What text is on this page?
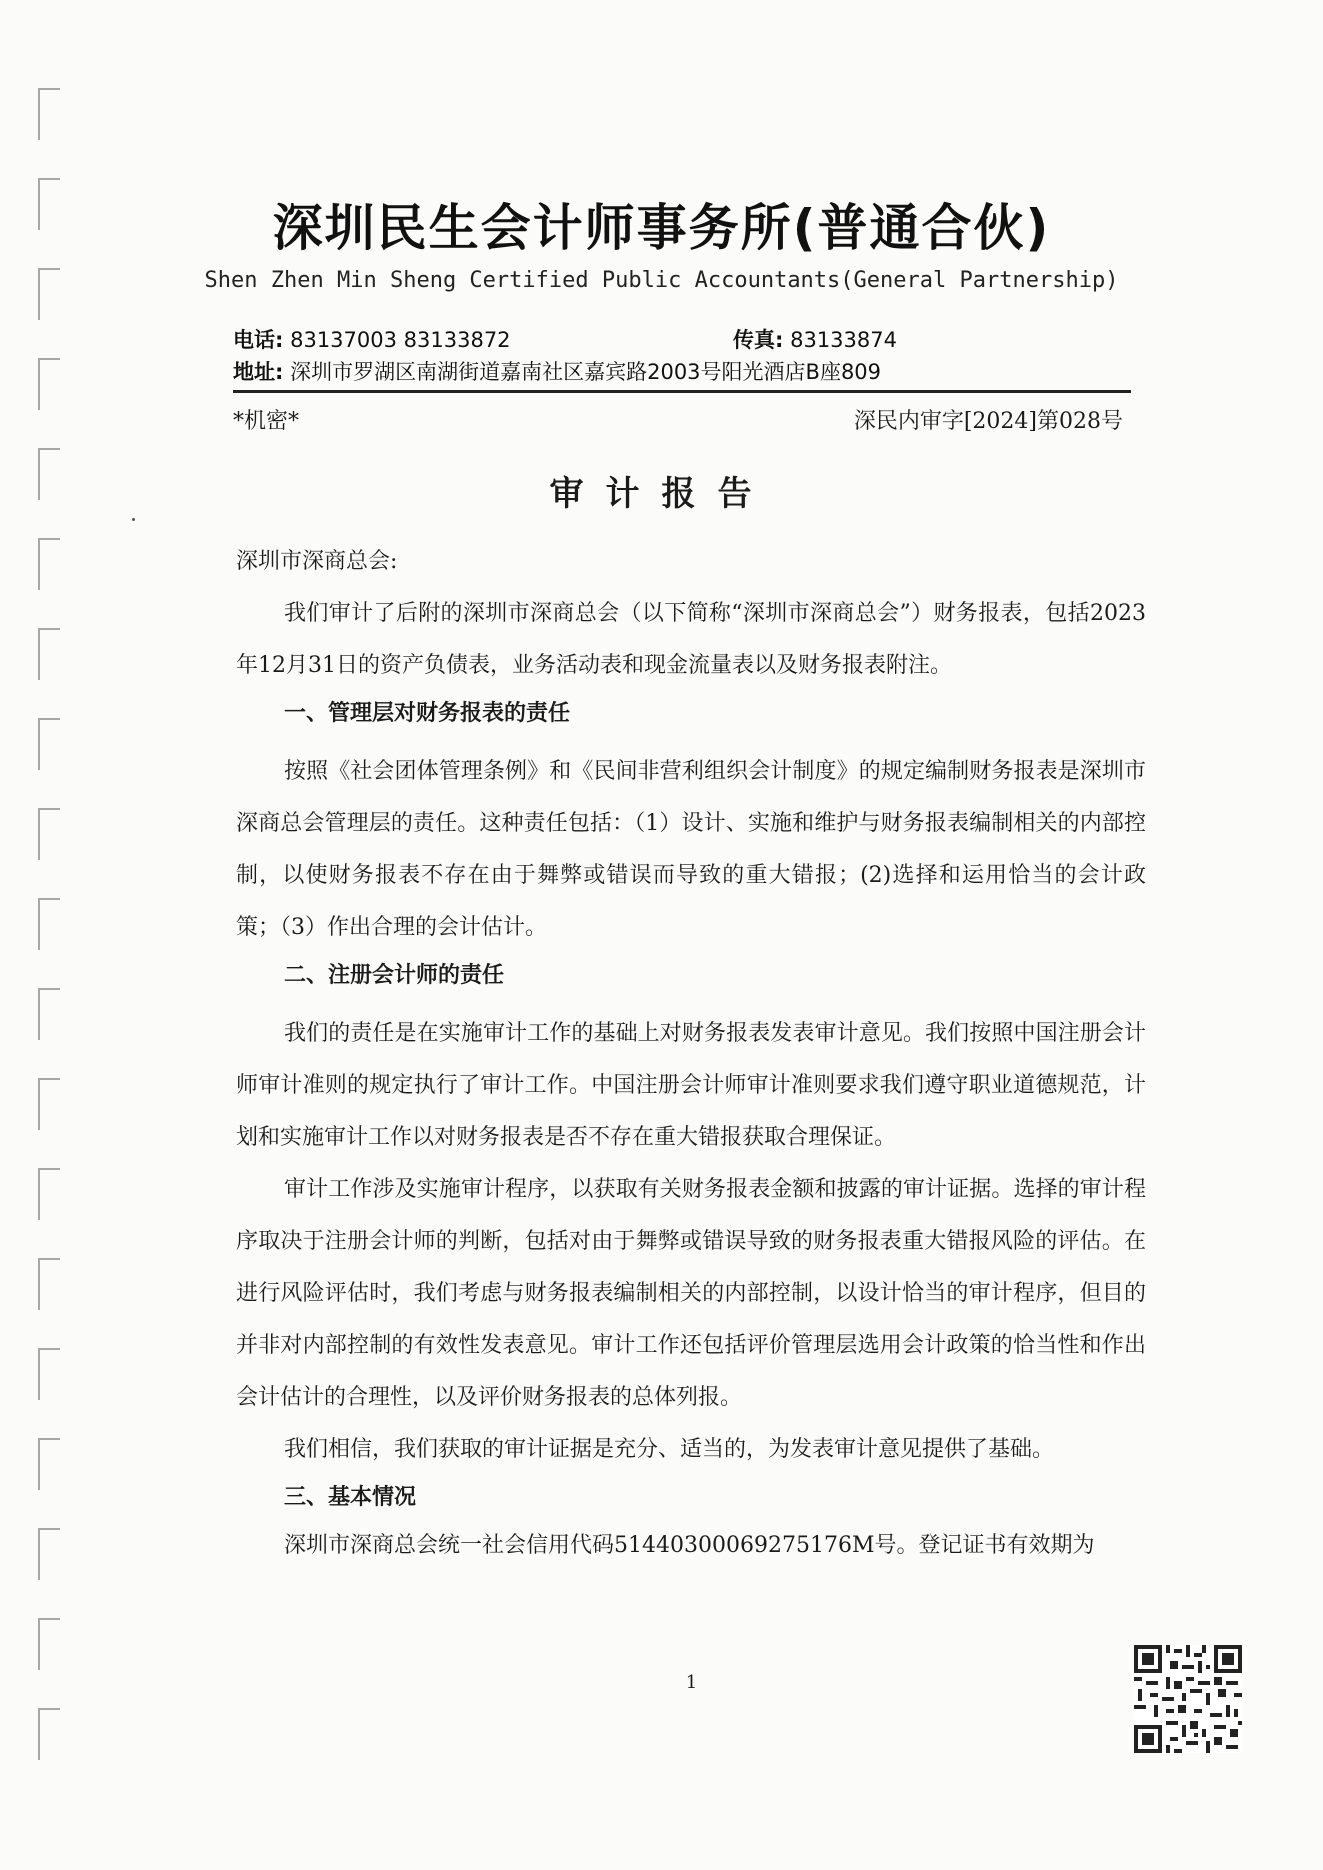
深圳民生会计师事务所(普通合伙)
Shen Zhen Min Sheng Certified Public Accountants(General Partnership)
电话: 83137003 83133872	传真: 83133874
地址: 深圳市罗湖区南湖街道嘉南社区嘉宾路2003号阳光酒店B座809
*机密*	深民内审字[2024]第028号
审计报告

深圳市深商总会:

我们审计了后附的深圳市深商总会（以下简称“深圳市深商总会”）财务报表，包括2023年12月31日的资产负债表，业务活动表和现金流量表以及财务报表附注。

一、管理层对财务报表的责任

按照《社会团体管理条例》和《民间非营利组织会计制度》的规定编制财务报表是深圳市深商总会管理层的责任。这种责任包括：（1）设计、实施和维护与财务报表编制相关的内部控制，以使财务报表不存在由于舞弊或错误而导致的重大错报；(2)选择和运用恰当的会计政策；（3）作出合理的会计估计。

二、注册会计师的责任

我们的责任是在实施审计工作的基础上对财务报表发表审计意见。我们按照中国注册会计师审计准则的规定执行了审计工作。中国注册会计师审计准则要求我们遵守职业道德规范，计划和实施审计工作以对财务报表是否不存在重大错报获取合理保证。

审计工作涉及实施审计程序，以获取有关财务报表金额和披露的审计证据。选择的审计程序取决于注册会计师的判断，包括对由于舞弊或错误导致的财务报表重大错报风险的评估。在进行风险评估时，我们考虑与财务报表编制相关的内部控制，以设计恰当的审计程序，但目的并非对内部控制的有效性发表意见。审计工作还包括评价管理层选用会计政策的恰当性和作出会计估计的合理性，以及评价财务报表的总体列报。

我们相信，我们获取的审计证据是充分、适当的，为发表审计意见提供了基础。

三、基本情况

深圳市深商总会统一社会信用代码51440300069275176M号。登记证书有效期为

1
